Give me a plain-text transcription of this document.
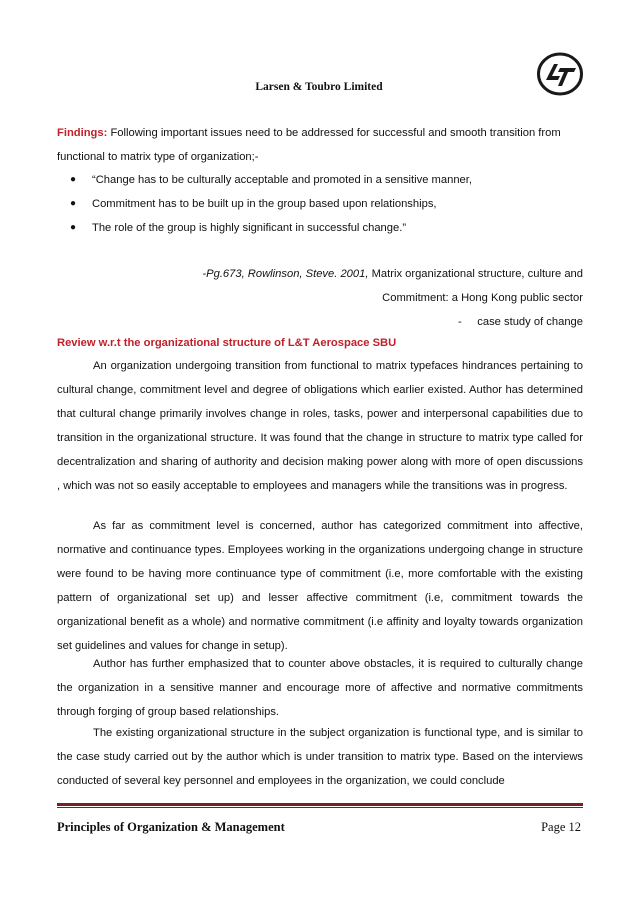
Larsen & Toubro Limited
Findings: Following important issues need to be addressed for successful and smooth transition from functional to matrix type of organization;-
●	“Change has to be culturally acceptable and promoted in a sensitive manner,
●	Commitment has to be built up in the group based upon relationships,
●	The role of the group is highly significant in successful change.”
-Pg.673, Rowlinson, Steve. 2001, Matrix organizational structure, culture and
Commitment: a Hong Kong public sector
-     case study of change
Review w.r.t the organizational structure of L&T Aerospace SBU
An organization undergoing transition from functional to matrix typefaces hindrances pertaining to cultural change, commitment level and degree of obligations which earlier existed. Author has determined that cultural change primarily involves change in roles, tasks, power and interpersonal capabilities due to transition in the organizational structure. It was found that the change in structure to matrix type called for decentralization and sharing of authority and decision making power along with more of open discussions , which was not so easily acceptable to employees and managers while the transitions was in progress.
As far as commitment level is concerned, author has categorized commitment into affective, normative and continuance types. Employees working in the organizations undergoing change in structure were found to be having more continuance type of commitment (i.e, more comfortable with the existing pattern of organizational set up) and lesser affective commitment (i.e, commitment towards the organizational benefit as a whole) and normative commitment (i.e affinity and loyalty towards organization set guidelines and values for change in setup).
Author has further emphasized that to counter above obstacles, it is required to culturally change the organization in a sensitive manner and encourage more of affective and normative commitments through forging of group based relationships.
The existing organizational structure in the subject organization is functional type, and is similar to the case study carried out by the author which is under transition to matrix type. Based on the interviews conducted of several key personnel and employees in the organization, we could conclude
Principles of Organization & Management	Page 12
